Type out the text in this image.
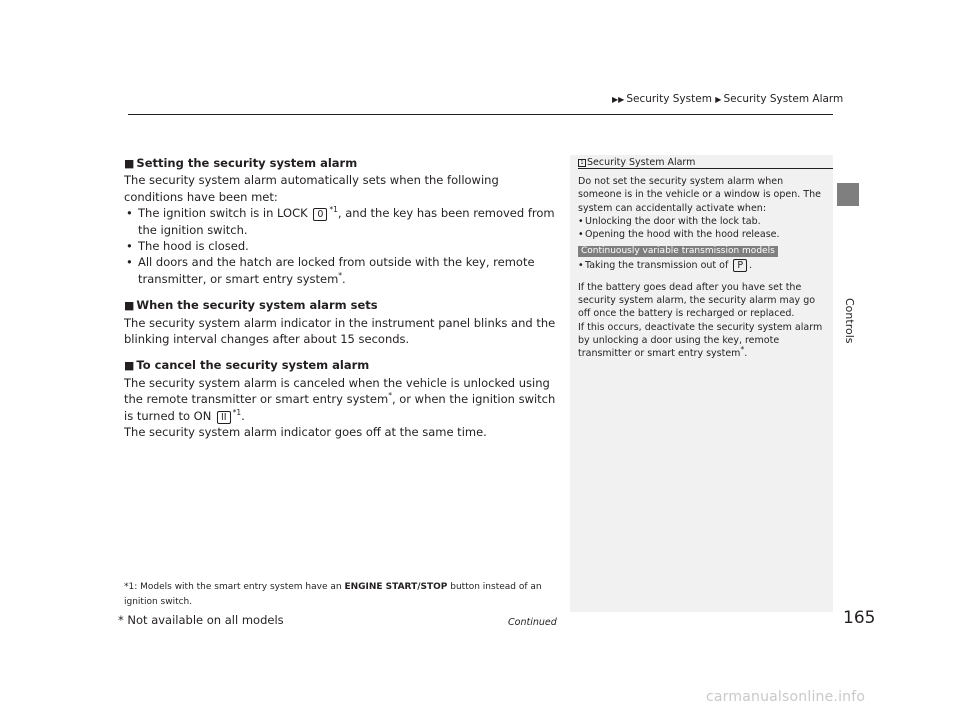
▶▶ Security System ▶ Security System Alarm
Controls

■ Setting the security system alarm

The security system alarm automatically sets when the following conditions have been met:

• The ignition switch is in LOCK 0 $^{*1}$, and the key has been removed from the ignition switch.
• The hood is closed.
• All doors and the hatch are locked from outside with the key, remote transmitter, or smart entry system*.

■ When the security system alarm sets

The security system alarm indicator in the instrument panel blinks and the blinking interval changes after about 15 seconds.

■ To cancel the security system alarm

The security system alarm is canceled when the vehicle is unlocked using the remote transmitter or smart entry system*, or when the ignition switch is turned to ON II $^{*1}$.

The security system alarm indicator goes off at the same time.

*1: Models with the smart entry system have an ENGINE START/STOP button instead of an ignition switch.
1 Security System Alarm

Do not set the security system alarm when someone is in the vehicle or a window is open. The system can accidentally activate when:

• Unlocking the door with the lock tab.
• Opening the hood with the hood release.
Continuously variable transmission models
• Taking the transmission out of P .

If the battery goes dead after you have set the security system alarm, the security alarm may go off once the battery is recharged or replaced.

If this occurs, deactivate the security system alarm by unlocking a door using the key, remote transmitter or smart entry system*.

* Not available on all models	Continued	165
carmanualsonline.info
